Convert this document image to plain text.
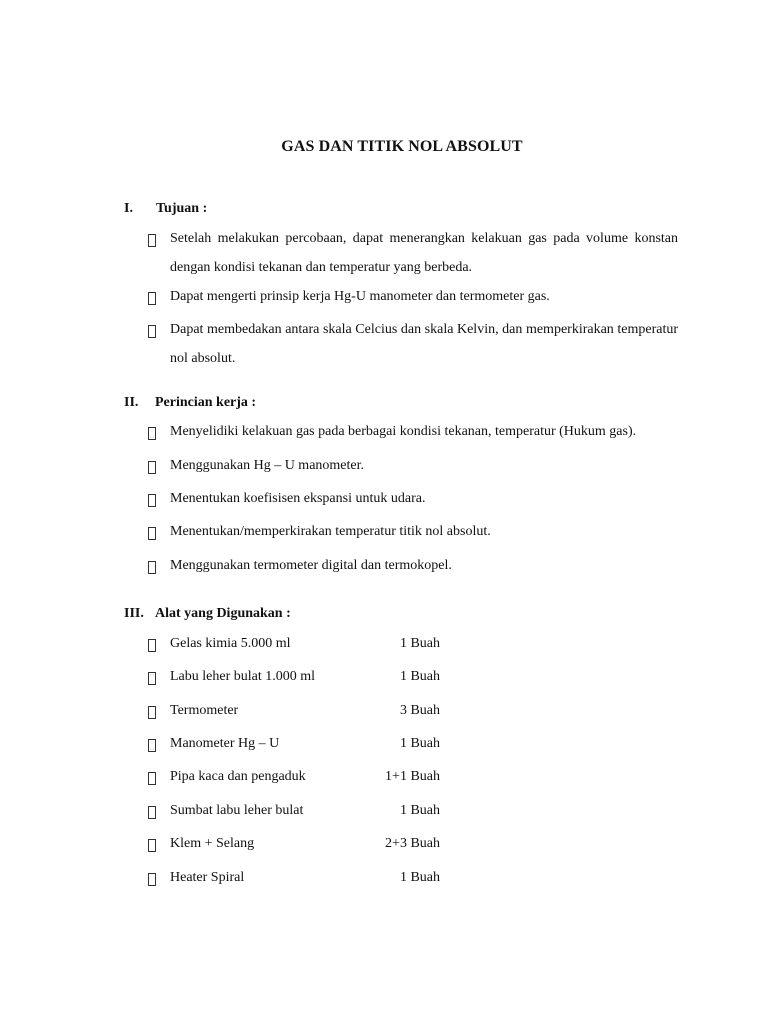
GAS DAN TITIK NOL ABSOLUT
I. Tujuan :
Setelah melakukan percobaan, dapat menerangkan kelakuan gas pada volume konstan dengan kondisi tekanan dan temperatur yang berbeda.
Dapat mengerti prinsip kerja Hg-U manometer dan termometer gas.
Dapat membedakan antara skala Celcius dan skala Kelvin, dan memperkirakan temperatur nol absolut.
II. Perincian kerja :
Menyelidiki kelakuan gas pada berbagai kondisi tekanan, temperatur (Hukum gas).
Menggunakan Hg – U manometer.
Menentukan koefisisen ekspansi untuk udara.
Menentukan/memperkirakan temperatur titik nol absolut.
Menggunakan termometer digital dan termokopel.
III. Alat yang Digunakan :
Gelas kimia 5.000 ml	1 Buah
Labu leher bulat 1.000 ml	1 Buah
Termometer	3 Buah
Manometer Hg – U	1 Buah
Pipa kaca dan pengaduk	1+1 Buah
Sumbat labu leher bulat	1 Buah
Klem + Selang	2+3 Buah
Heater Spiral	1 Buah
